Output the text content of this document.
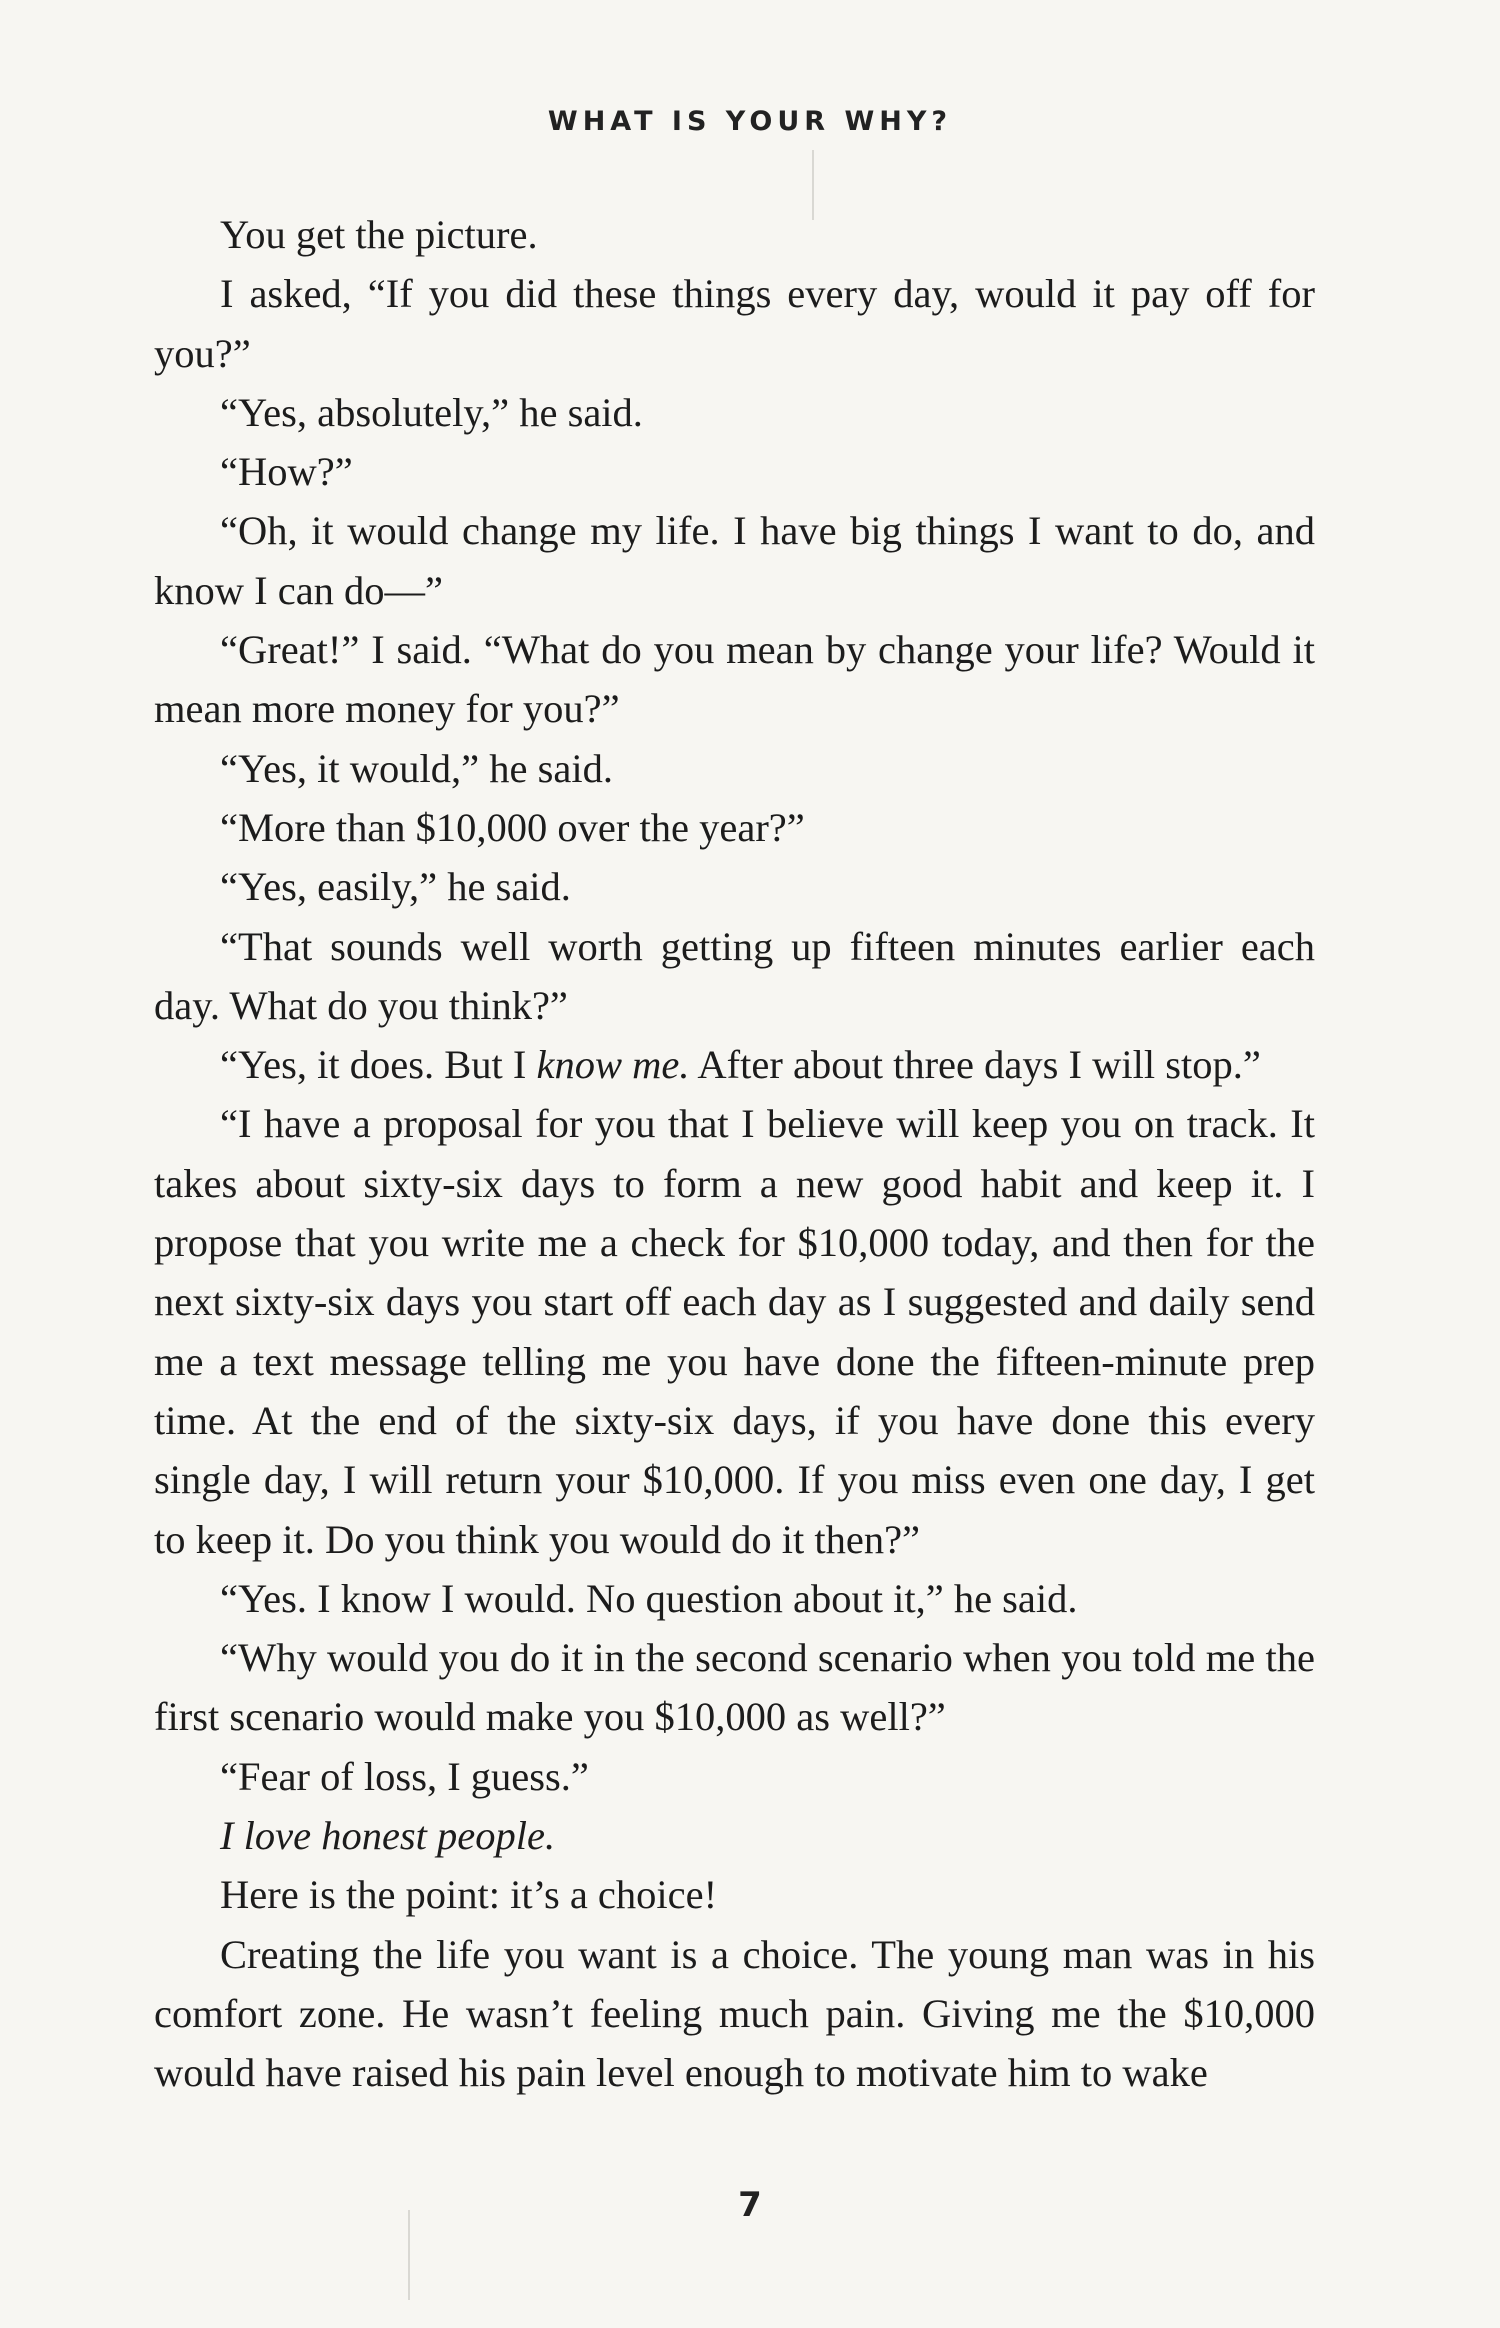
WHAT IS YOUR WHY?

You get the picture.

I asked, “If you did these things every day, would it pay off for you?”

“Yes, absolutely,” he said.

“How?”

“Oh, it would change my life. I have big things I want to do, and know I can do—”

“Great!” I said. “What do you mean by change your life? Would it mean more money for you?”

“Yes, it would,” he said.

“More than $10,000 over the year?”

“Yes, easily,” he said.

“That sounds well worth getting up fifteen minutes earlier each day. What do you think?”

“Yes, it does. But I know me. After about three days I will stop.”

“I have a proposal for you that I believe will keep you on track. It takes about sixty-six days to form a new good habit and keep it. I propose that you write me a check for $10,000 today, and then for the next sixty-six days you start off each day as I suggested and daily send me a text message telling me you have done the fifteen-minute prep time. At the end of the sixty-six days, if you have done this every single day, I will return your $10,000. If you miss even one day, I get to keep it. Do you think you would do it then?”

“Yes. I know I would. No question about it,” he said.

“Why would you do it in the second scenario when you told me the first scenario would make you $10,000 as well?”

“Fear of loss, I guess.”

I love honest people.

Here is the point: it’s a choice!

Creating the life you want is a choice. The young man was in his comfort zone. He wasn’t feeling much pain. Giving me the $10,000 would have raised his pain level enough to motivate him to wake

7
